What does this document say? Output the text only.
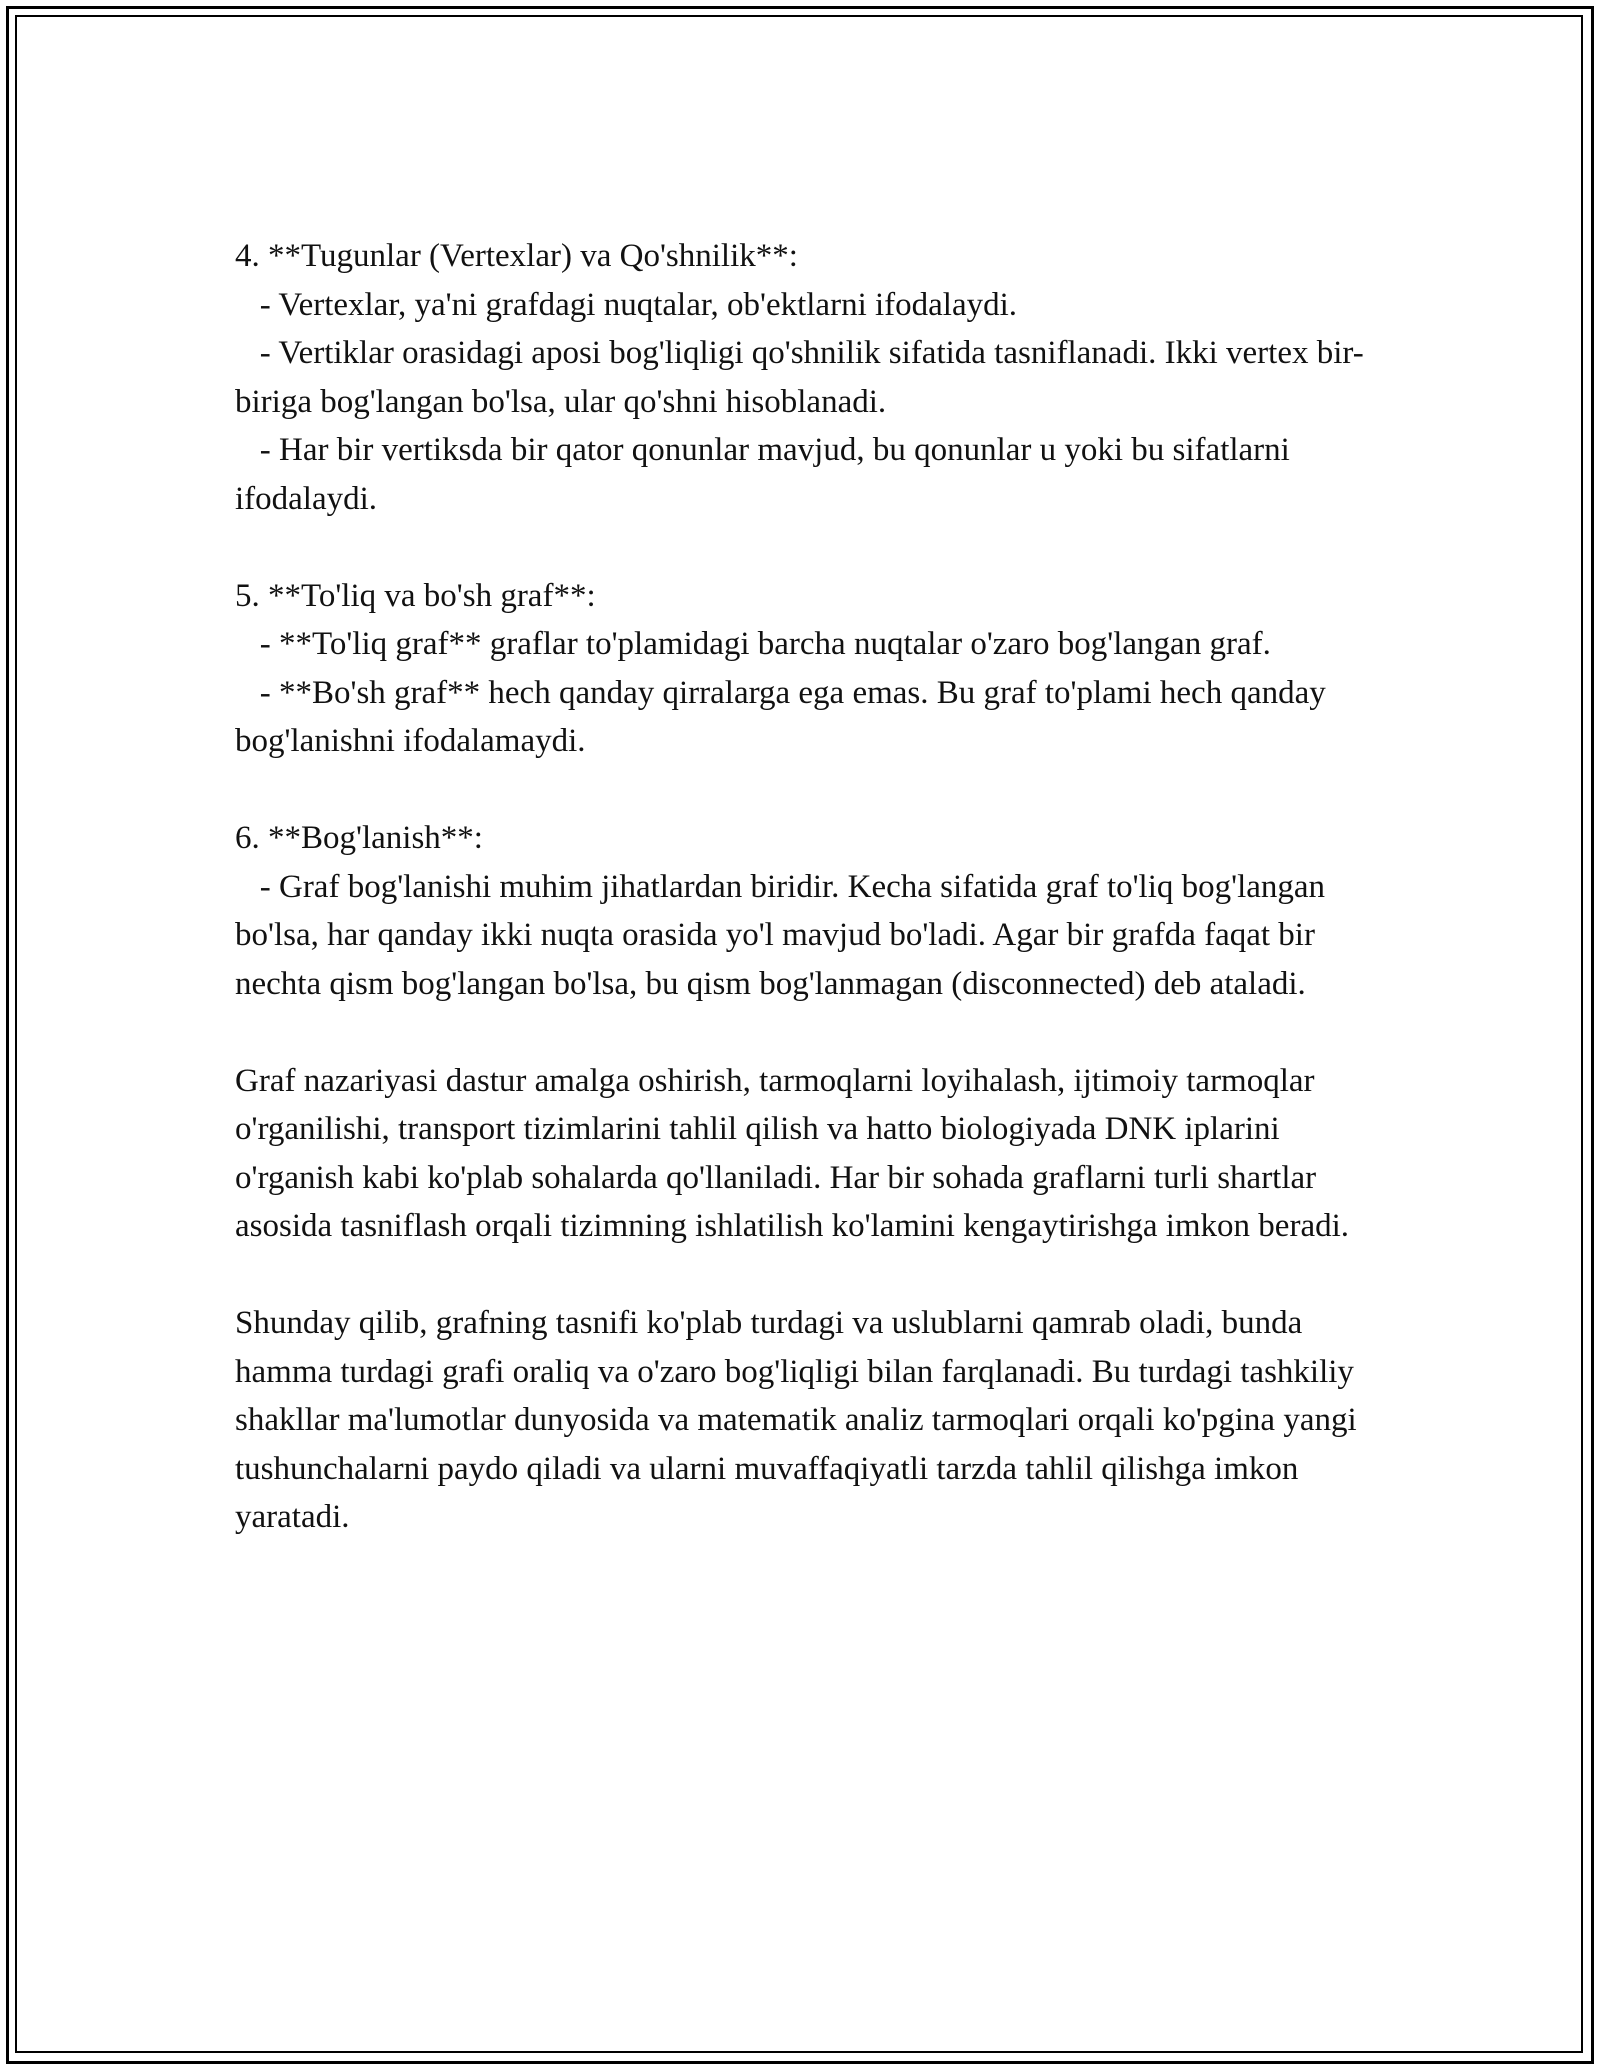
4. **Tugunlar (Vertexlar) va Qo'shnilik**:

- Vertexlar, ya'ni grafdagi nuqtalar, ob'ektlarni ifodalaydi.

- Vertiklar orasidagi aposi bog'liqligi qo'shnilik sifatida tasniflanadi. Ikki vertex bir-biriga bog'langan bo'lsa, ular qo'shni hisoblanadi.

- Har bir vertiksda bir qator qonunlar mavjud, bu qonunlar u yoki bu sifatlarni ifodalaydi.

5. **To'liq va bo'sh graf**:

- **To'liq graf** graflar to'plamidagi barcha nuqtalar o'zaro bog'langan graf.

- **Bo'sh graf** hech qanday qirralarga ega emas. Bu graf to'plami hech qanday bog'lanishni ifodalamaydi.

6. **Bog'lanish**:

- Graf bog'lanishi muhim jihatlardan biridir. Kecha sifatida graf to'liq bog'langan bo'lsa, har qanday ikki nuqta orasida yo'l mavjud bo'ladi. Agar bir grafda faqat bir nechta qism bog'langan bo'lsa, bu qism bog'lanmagan (disconnected) deb ataladi.

Graf nazariyasi dastur amalga oshirish, tarmoqlarni loyihalash, ijtimoiy tarmoqlar o'rganilishi, transport tizimlarini tahlil qilish va hatto biologiyada DNK iplarini o'rganish kabi ko'plab sohalarda qo'llaniladi. Har bir sohada graflarni turli shartlar asosida tasniflash orqali tizimning ishlatilish ko'lamini kengaytirishga imkon beradi.

Shunday qilib, grafning tasnifi ko'plab turdagi va uslublarni qamrab oladi, bunda hamma turdagi grafi oraliq va o'zaro bog'liqligi bilan farqlanadi. Bu turdagi tashkiliy shakllar ma'lumotlar dunyosida va matematik analiz tarmoqlari orqali ko'pgina yangi tushunchalarni paydo qiladi va ularni muvaffaqiyatli tarzda tahlil qilishga imkon yaratadi.
